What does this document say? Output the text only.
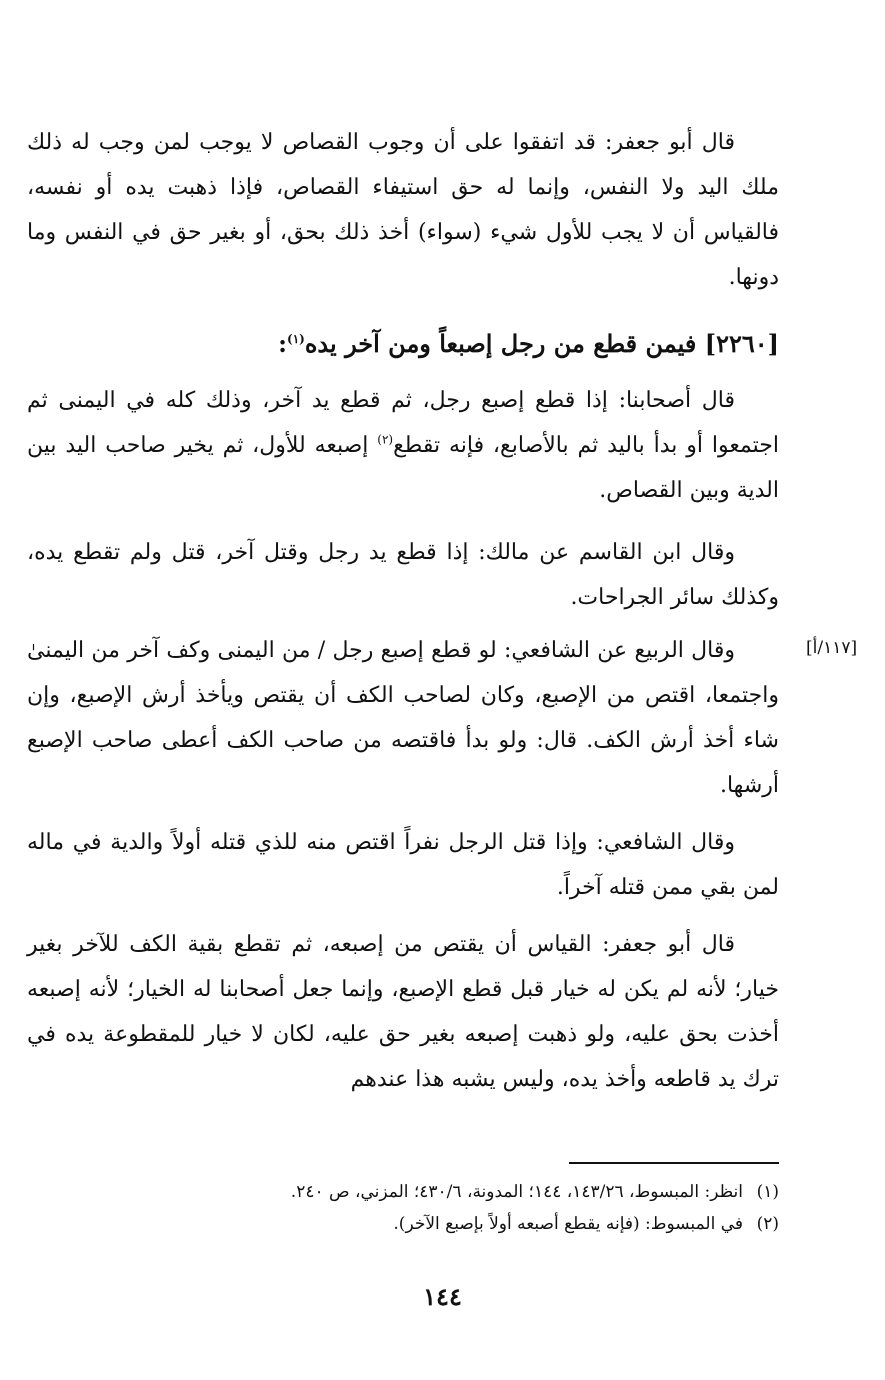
قال أبو جعفر: قد اتفقوا على أن وجوب القصاص لا يوجب لمن وجب له ذلك ملك اليد ولا النفس، وإنما له حق استيفاء القصاص، فإذا ذهبت يده أو نفسه، فالقياس أن لا يجب للأول شيء (سواء) أخذ ذلك بحق، أو بغير حق في النفس وما دونها.

[٢٢٦٠] فيمن قطع من رجل إصبعاً ومن آخر يده$^{(١)}$:

قال أصحابنا: إذا قطع إصبع رجل، ثم قطع يد آخر، وذلك كله في اليمنى ثم اجتمعوا أو بدأ باليد ثم بالأصابع، فإنه تقطع$^{(٢)}$ إصبعه للأول، ثم يخير صاحب اليد بين الدية وبين القصاص.

وقال ابن القاسم عن مالك: إذا قطع يد رجل وقتل آخر، قتل ولم تقطع يده، وكذلك سائر الجراحات.

[١١٧/أ]

وقال الربيع عن الشافعي: لو قطع إصبع رجل / من اليمنى وكف آخر من اليمنىٰ واجتمعا، اقتص من الإصبع، وكان لصاحب الكف أن يقتص ويأخذ أرش الإصبع، وإن شاء أخذ أرش الكف. قال: ولو بدأ فاقتصه من صاحب الكف أعطى صاحب الإصبع أرشها.

وقال الشافعي: وإذا قتل الرجل نفراً اقتص منه للذي قتله أولاً والدية في ماله لمن بقي ممن قتله آخراً.

قال أبو جعفر: القياس أن يقتص من إصبعه، ثم تقطع بقية الكف للآخر بغير خيار؛ لأنه لم يكن له خيار قبل قطع الإصبع، وإنما جعل أصحابنا له الخيار؛ لأنه إصبعه أخذت بحق عليه، ولو ذهبت إصبعه بغير حق عليه، لكان لا خيار للمقطوعة يده في ترك يد قاطعه وأخذ يده، وليس يشبه هذا عندهم

(١)
انظر: المبسوط، ١٤٣/٢٦، ١٤٤؛ المدونة، ٤٣٠/٦؛ المزني، ص ٢٤٠.
(٢)
في المبسوط: (فإنه يقطع أصبعه أولاً بإصبع الآخر).
١٤٤
